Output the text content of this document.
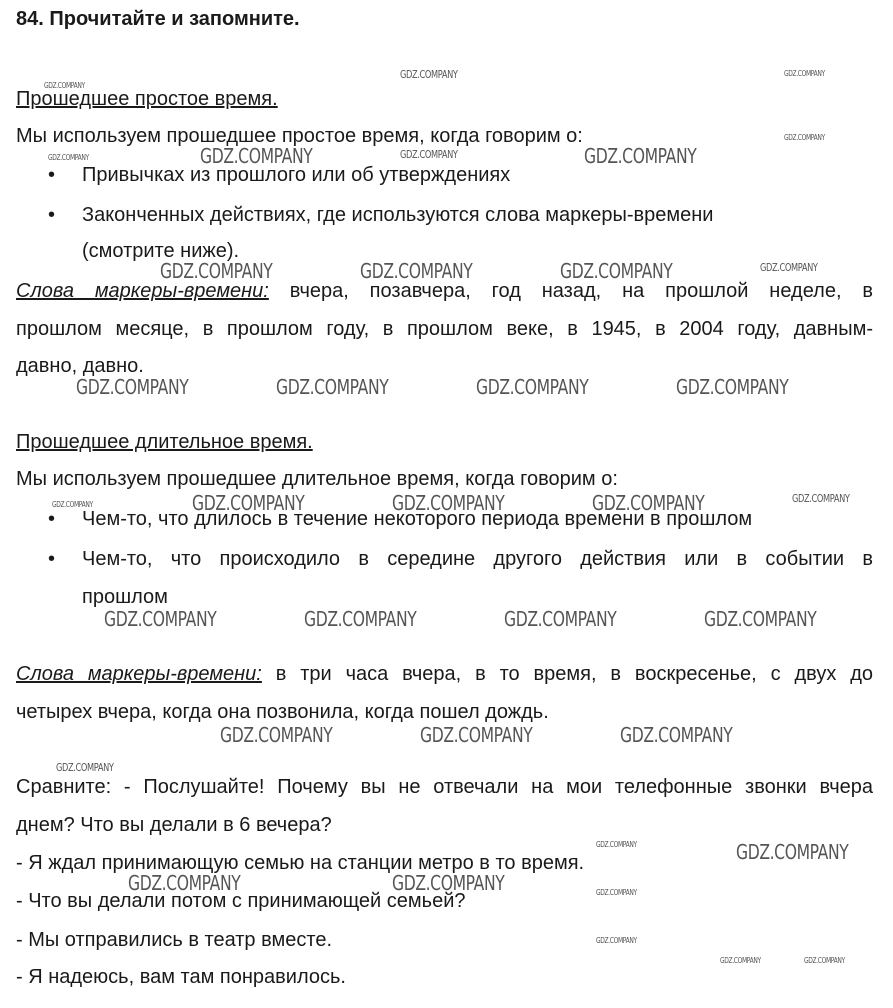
84. Прочитайте и запомните.
Прошедшее простое время.
Мы используем прошедшее простое время, когда говорим о:
• Привычках из прошлого или об утверждениях
• Законченных действиях, где используются слова маркеры-времени
(смотрите ниже).
Слова маркеры-времени: вчера, позавчера, год назад, на прошлой неделе, в
прошлом месяце, в прошлом году, в прошлом веке, в 1945, в 2004 году, давным-
давно, давно.
Прошедшее длительное время.
Мы используем прошедшее длительное время, когда говорим о:
• Чем-то, что длилось в течение некоторого периода времени в прошлом
• Чем-то, что происходило в середине другого действия или в событии в
прошлом
Слова маркеры-времени: в три часа вчера, в то время, в воскресенье, с двух до
четырех вчера, когда она позвонила, когда пошел дождь.
Сравните: - Послушайте! Почему вы не отвечали на мои телефонные звонки вчера
днем? Что вы делали в 6 вечера?
- Я ждал принимающую семью на станции метро в то время.
- Что вы делали потом с принимающей семьей?
- Мы отправились в театр вместе.
- Я надеюсь, вам там понравилось.
GDZ.COMPANY
GDZ.COMPANY
GDZ.COMPANY
GDZ.COMPANY
GDZ.COMPANY	GDZ.COMPANY	GDZ.COMPANY	GDZ.COMPANY
GDZ.COMPANY	GDZ.COMPANY	GDZ.COMPANY	GDZ.COMPANY
GDZ.COMPANY	GDZ.COMPANY	GDZ.COMPANY	GDZ.COMPANY
GDZ.COMPANY	GDZ.COMPANY	GDZ.COMPANY	GDZ.COMPANY	GDZ.COMPANY
GDZ.COMPANY	GDZ.COMPANY	GDZ.COMPANY	GDZ.COMPANY
GDZ.COMPANY	GDZ.COMPANY	GDZ.COMPANY
GDZ.COMPANY
GDZ.COMPANY	GDZ.COMPANY
GDZ.COMPANY	GDZ.COMPANY	GDZ.COMPANY
GDZ.COMPANY
GDZ.COMPANY	GDZ.COMPANY
